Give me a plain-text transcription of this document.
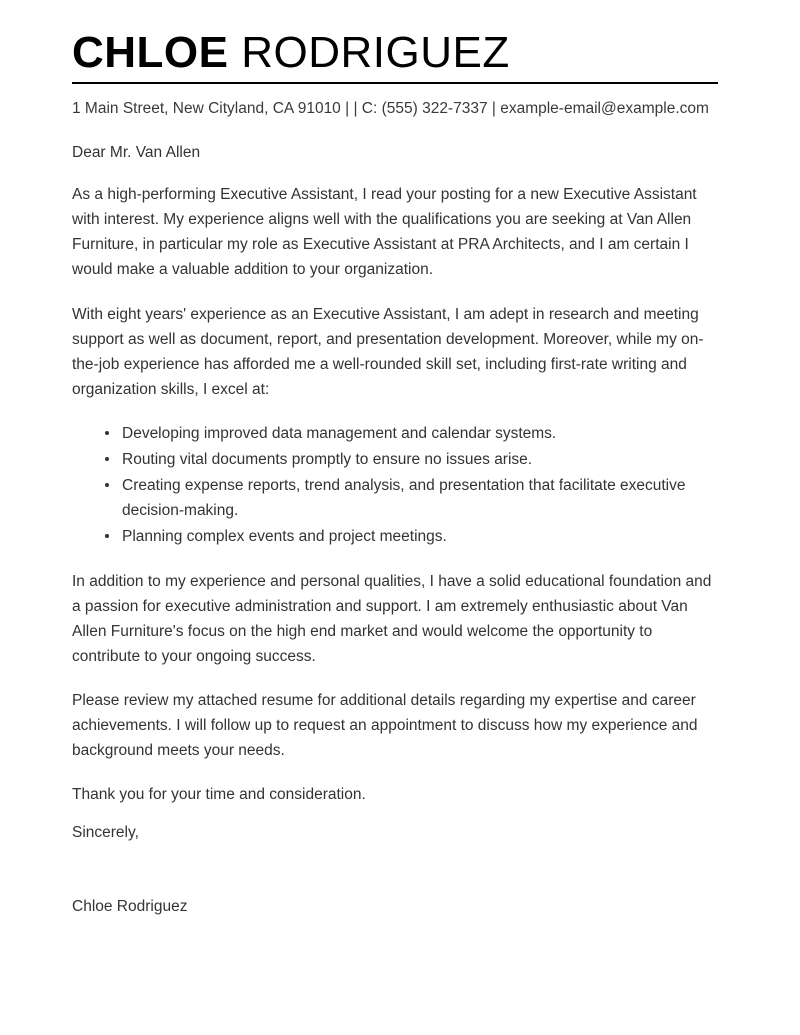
CHLOE RODRIGUEZ

1 Main Street, New Cityland, CA 91010 | | C: (555) 322-7337 | example-email@example.com

Dear Mr. Van Allen

As a high-performing Executive Assistant, I read your posting for a new Executive Assistant with interest. My experience aligns well with the qualifications you are seeking at Van Allen Furniture, in particular my role as Executive Assistant at PRA Architects, and I am certain I would make a valuable addition to your organization.

With eight years' experience as an Executive Assistant, I am adept in research and meeting support as well as document, report, and presentation development. Moreover, while my on-the-job experience has afforded me a well-rounded skill set, including first-rate writing and organization skills, I excel at:

Developing improved data management and calendar systems.
Routing vital documents promptly to ensure no issues arise.
Creating expense reports, trend analysis, and presentation that facilitate executive decision-making.
Planning complex events and project meetings.

In addition to my experience and personal qualities, I have a solid educational foundation and a passion for executive administration and support. I am extremely enthusiastic about Van Allen Furniture's focus on the high end market and would welcome the opportunity to contribute to your ongoing success.

Please review my attached resume for additional details regarding my expertise and career achievements. I will follow up to request an appointment to discuss how my experience and background meets your needs.

Thank you for your time and consideration.

Sincerely,

Chloe Rodriguez
